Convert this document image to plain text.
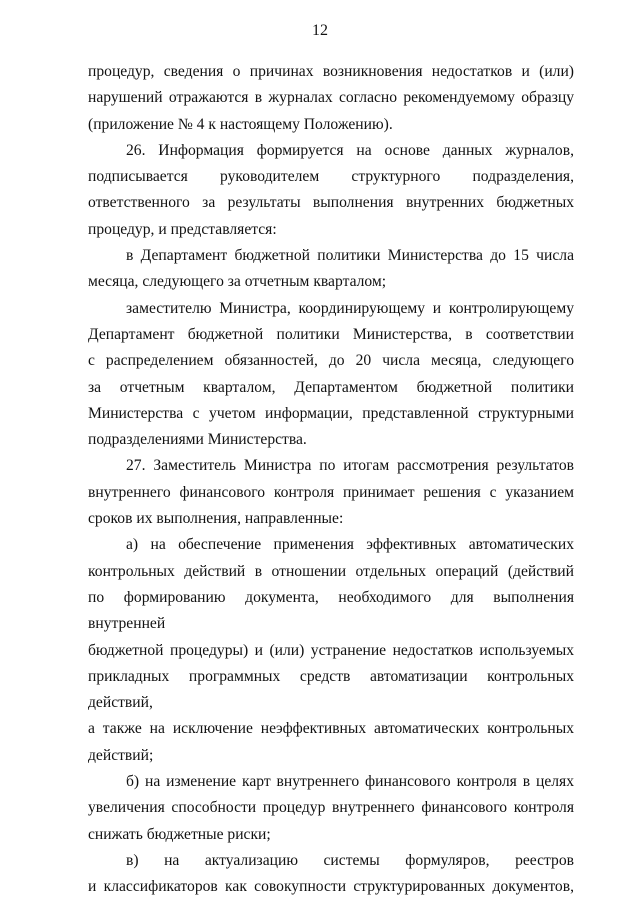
12

процедур, сведения о причинах возникновения недостатков и (или)

нарушений отражаются в журналах согласно рекомендуемому образцу

(приложение № 4 к настоящему Положению).

26. Информация формируется на основе данных журналов,

подписывается руководителем структурного подразделения,

ответственного за результаты выполнения внутренних бюджетных

процедур, и представляется:

в Департамент бюджетной политики Министерства до 15 числа

месяца, следующего за отчетным кварталом;

заместителю Министра, координирующему и контролирующему

Департамент бюджетной политики Министерства, в соответствии

с распределением обязанностей, до 20 числа месяца, следующего

за отчетным кварталом, Департаментом бюджетной политики

Министерства с учетом информации, представленной структурными

подразделениями Министерства.

27. Заместитель Министра по итогам рассмотрения результатов

внутреннего финансового контроля принимает решения с указанием

сроков их выполнения, направленные:

а) на обеспечение применения эффективных автоматических

контрольных действий в отношении отдельных операций (действий

по формированию документа, необходимого для выполнения внутренней

бюджетной процедуры) и (или) устранение недостатков используемых

прикладных программных средств автоматизации контрольных действий,

а также на исключение неэффективных автоматических контрольных

действий;

б) на изменение карт внутреннего финансового контроля в целях

увеличения способности процедур внутреннего финансового контроля

снижать бюджетные риски;

в) на актуализацию системы формуляров, реестров

и классификаторов как совокупности структурированных документов,
